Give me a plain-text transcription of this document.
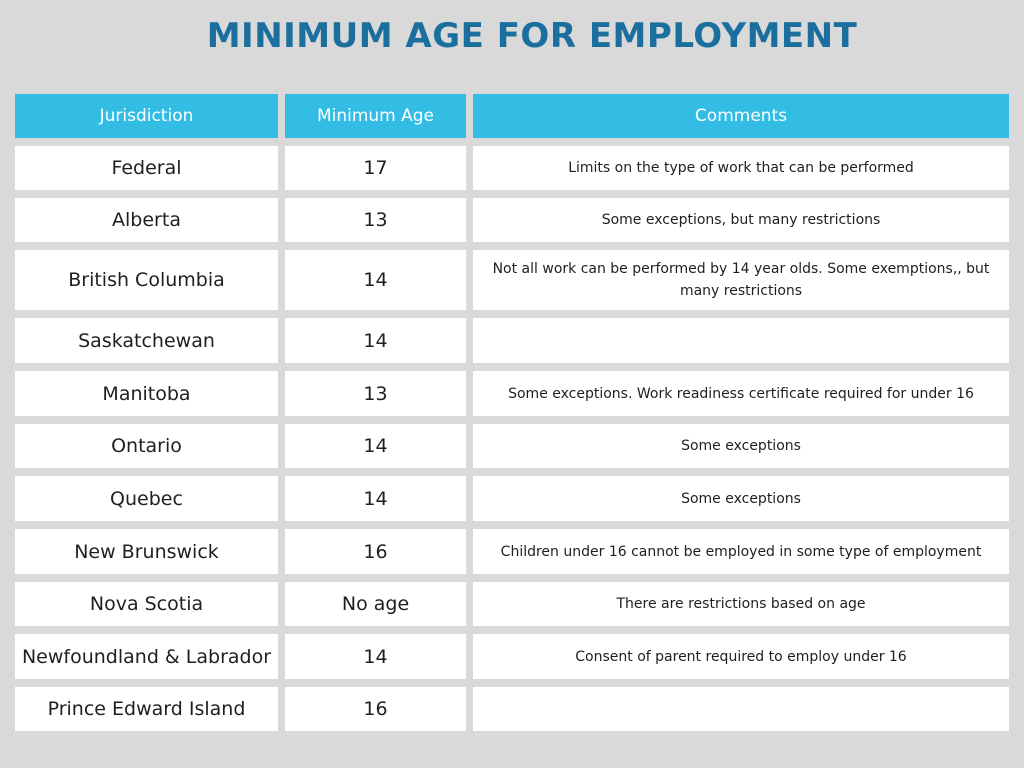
MINIMUM AGE FOR EMPLOYMENT
Jurisdiction	Minimum Age	Comments
Federal	17	Limits on the type of work that can be performed
Alberta	13	Some exceptions, but many restrictions
British Columbia	14	Not all work can be performed by 14 year olds. Some exemptions,, but many restrictions
Saskatchewan	14
Manitoba	13	Some exceptions. Work readiness certificate required for under 16
Ontario	14	Some exceptions
Quebec	14	Some exceptions
New Brunswick	16	Children under 16 cannot be employed in some type of employment
Nova Scotia	No age	There are restrictions based on age
Newfoundland & Labrador	14	Consent of parent required to employ under 16
Prince Edward Island	16
